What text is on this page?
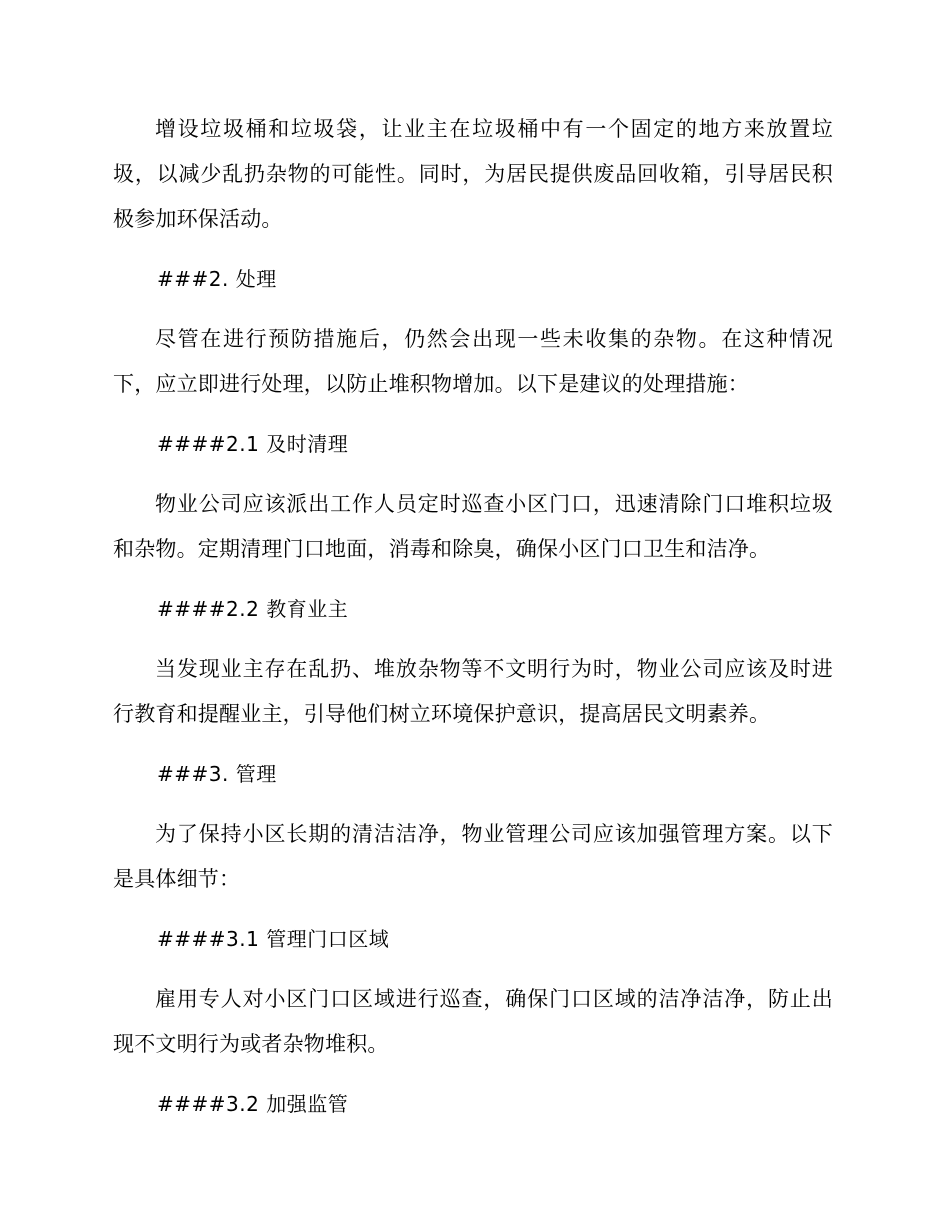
增设垃圾桶和垃圾袋，让业主在垃圾桶中有一个固定的地方来放置垃圾，以减少乱扔杂物的可能性。同时，为居民提供废品回收箱，引导居民积极参加环保活动。

###2. 处理

尽管在进行预防措施后，仍然会出现一些未收集的杂物。在这种情况下，应立即进行处理，以防止堆积物增加。以下是建议的处理措施：

####2.1 及时清理

物业公司应该派出工作人员定时巡查小区门口，迅速清除门口堆积垃圾和杂物。定期清理门口地面，消毒和除臭，确保小区门口卫生和洁净。

####2.2 教育业主

当发现业主存在乱扔、堆放杂物等不文明行为时，物业公司应该及时进行教育和提醒业主，引导他们树立环境保护意识，提高居民文明素养。

###3. 管理

为了保持小区长期的清洁洁净，物业管理公司应该加强管理方案。以下是具体细节：

####3.1 管理门口区域

雇用专人对小区门口区域进行巡查，确保门口区域的洁净洁净，防止出现不文明行为或者杂物堆积。

####3.2 加强监管
